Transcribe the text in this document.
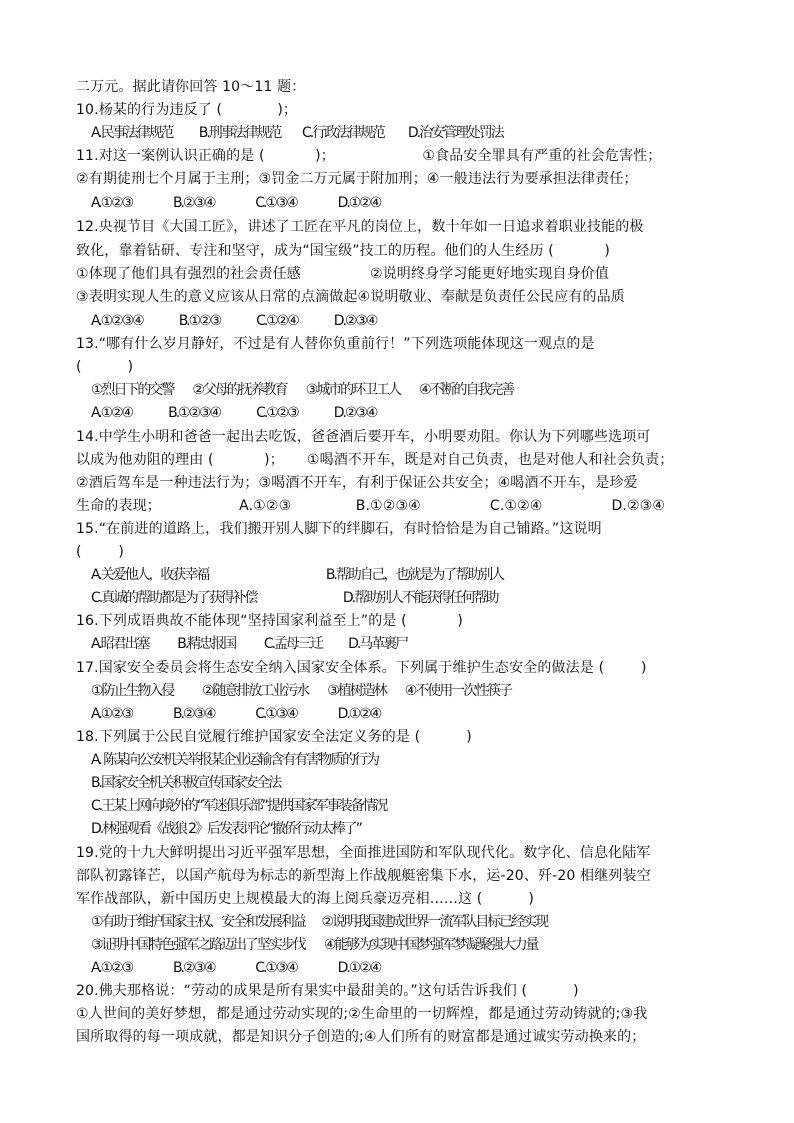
二万元。据此请你回答 10～11 题：
10.杨某的行为违反了 (            )；
A.民事法律规范           B.刑事法律规范         C.行政法律规范          D.治安管理处罚法
11.对这一案例认识正确的是 (           )；                   ①食品安全罪具有严重的社会危害性；
②有期徒刑七个月属于主刑；③罚金二万元属于附加刑；④一般违法行为要承担法律责任；
A.①②③                 B.②③④                 C.①③④                 D.①②④
12.央视节目《大国工匠》，讲述了工匠在平凡的岗位上，数十年如一日追求着职业技能的极
致化，靠着钻研、专注和坚守，成为“国宝级”技工的历程。他们的人生经历 (           )
①体现了他们具有强烈的社会责任感               ②说明终身学习能更好地实现自身价值
③表明实现人生的意义应该从日常的点滴做起④说明敬业、奉献是负责任公民应有的品质
A.①②③④               B.①②③               C.①②④               D.②③④
13.“哪有什么岁月静好，不过是有人替你负重前行！”下列选项能体现这一观点的是
(          )
①烈日下的交警        ②父母的抚养教育        ③城市的环卫工人        ④不断的自我完善
A.①②④               B.①②③④               C.①②③               D.②③④
14.中学生小明和爸爸一起出去吃饭，爸爸酒后要开车，小明要劝阻。你认为下列哪些选项可
以成为他劝阻的理由 (           )；     ①喝酒不开车，既是对自己负责，也是对他人和社会负责；
②酒后驾车是一种违法行为；③喝酒不开车，有利于保证公共安全；④喝酒不开车，是珍爱
生命的表现；                 A.①②③              B.①②③④               C.①②④               D.②③④
15.“在前进的道路上，我们搬开别人脚下的绊脚石，有时恰恰是为自己铺路。”这说明
(        )
A.关爱他人，收获幸福                                                 B.帮助自己，也就是为了帮助别人
C.真诚的帮助都是为了获得补偿                                    D.帮助别人不能获得任何帮助
16.下列成语典故不能体现“坚持国家利益至上”的是 (           )
A.昭君出塞            B.精忠报国            C.孟母三迁           D.马革裹尸
17.国家安全委员会将生态安全纳入国家安全体系。下列属于维护生态安全的做法是 (        )
①防止生物入侵            ②随意排放工业污水        ③植树造林        ④不使用一次性筷子
A.①②③                 B.②③④                 C.①③④                 D.①②④
18.下列属于公民自觉履行维护国家安全法定义务的是 (          )
A. 陈某向公安机关举报某企业运输含有有害物质的行为
B.国家安全机关积极宣传国家安全法
C.王某上网向境外的“军迷俱乐部”提供国家军事装备情况
D.林强观看《战狼 2》后发表评论“撤侨行动太棒了”
19.党的十九大鲜明提出习近平强军思想，全面推进国防和军队现代化。数字化、信息化陆军
部队初露锋芒，以国产航母为标志的新型海上作战舰艇密集下水，运-20、歼-20 相继列装空
军作战部队，新中国历史上规模最大的海上阅兵豪迈亮相……这 (          )
①有助于维护国家主权、安全和发展利益       ②说明我国建成世界一流军队目标已经实现
③证明中国特色强军之路迈出了坚实步伐        ④能够为实现中国梦强军梦凝聚强大力量
A.①②③                 B.②③④                 C.①③④                 D.①②④
20.佛夫那格说：“劳动的成果是所有果实中最甜美的。”这句话告诉我们 (          )
①人世间的美好梦想，都是通过劳动实现的;②生命里的一切辉煌，都是通过劳动铸就的;③我
国所取得的每一项成就，都是知识分子创造的;④人们所有的财富都是通过诚实劳动换来的；
